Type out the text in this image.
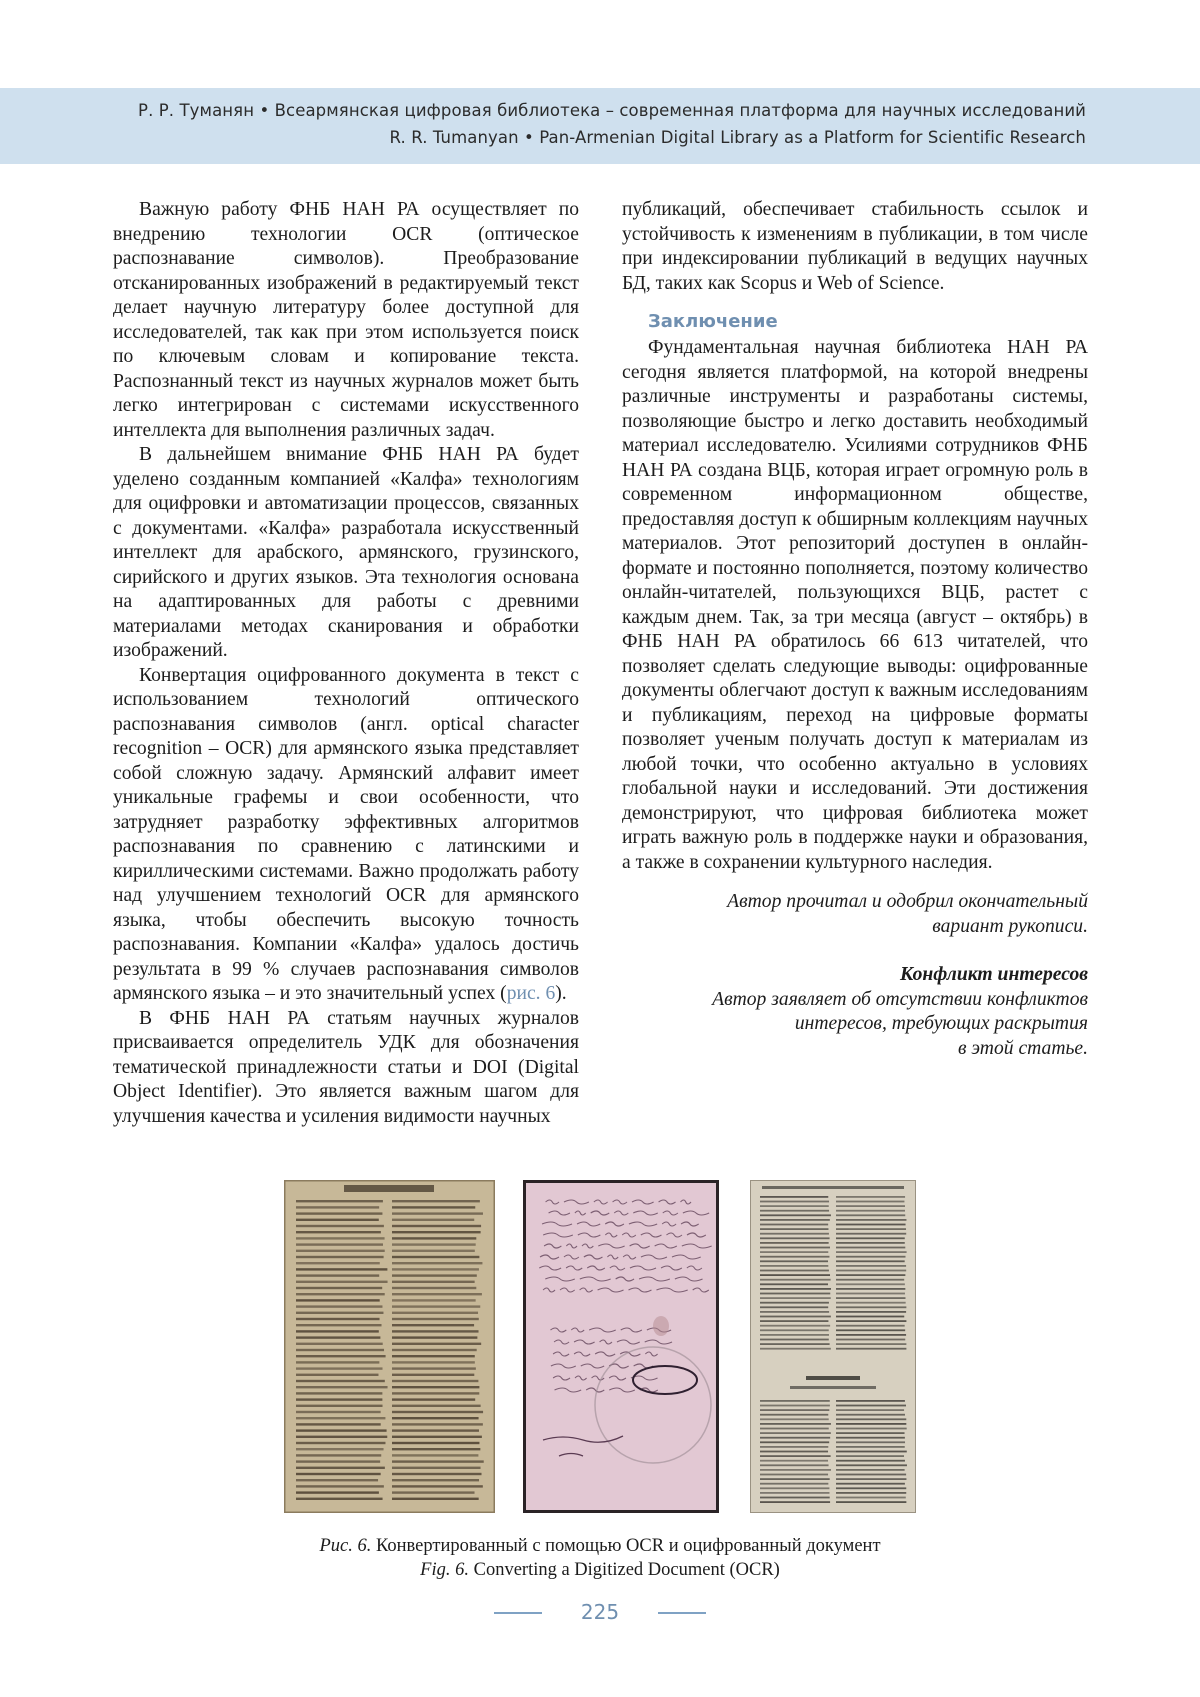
Р. Р. Туманян • Всеармянская цифровая библиотека – современная платформа для научных исследований
R. R. Tumanyan • Pan-Armenian Digital Library as a Platform for Scientific Research

Важную работу ФНБ НАН РА осуществляет по внедрению технологии OCR (оптическое распознавание символов). Преобразование отсканированных изображений в редактируемый текст делает научную литературу более доступной для исследователей, так как при этом используется поиск по ключевым словам и копирование текста. Распознанный текст из научных журналов может быть легко интегрирован с системами искусственного интеллекта для выполнения различных задач.

В дальнейшем внимание ФНБ НАН РА будет уделено созданным компанией «Калфа» технологиям для оцифровки и автоматизации процессов, связанных с документами. «Калфа» разработала искусственный интеллект для арабского, армянского, грузинского, сирийского и других языков. Эта технология основана на адаптированных для работы с древними материалами методах сканирования и обработки изображений.

Конвертация оцифрованного документа в текст с использованием технологий оптического распознавания символов (англ. optical character recognition – OCR) для армянского языка представляет собой сложную задачу. Армянский алфавит имеет уникальные графемы и свои особенности, что затрудняет разработку эффективных алгоритмов распознавания по сравнению с латинскими и кириллическими системами. Важно продолжать работу над улучшением технологий OCR для армянского языка, чтобы обеспечить высокую точность распознавания. Компании «Калфа» удалось достичь результата в 99 % случаев распознавания символов армянского языка – и это значительный успех (рис. 6).

В ФНБ НАН РА статьям научных журналов присваивается определитель УДК для обозначения тематической принадлежности статьи и DOI (Digital Object Identifier). Это является важным шагом для улучшения качества и усиления видимости научных

публикаций, обеспечивает стабильность ссылок и устойчивость к изменениям в публикации, в том числе при индексировании публикаций в ведущих научных БД, таких как Scopus и Web of Science.

Заключение

Фундаментальная научная библиотека НАН РА сегодня является платформой, на которой внедрены различные инструменты и разработаны системы, позволяющие быстро и легко доставить необходимый материал исследователю. Усилиями сотрудников ФНБ НАН РА создана ВЦБ, которая играет огромную роль в современном информационном обществе, предоставляя доступ к обширным коллекциям научных материалов. Этот репозиторий доступен в онлайн-формате и постоянно пополняется, поэтому количество онлайн-читателей, пользующихся ВЦБ, растет с каждым днем. Так, за три месяца (август – октябрь) в ФНБ НАН РА обратилось 66 613 читателей, что позволяет сделать следующие выводы: оцифрованные документы облегчают доступ к важным исследованиям и публикациям, переход на цифровые форматы позволяет ученым получать доступ к материалам из любой точки, что особенно актуально в условиях глобальной науки и исследований. Эти достижения демонстрируют, что цифровая библиотека может играть важную роль в поддержке науки и образования, а также в сохранении культурного наследия.

Автор прочитал и одобрил окончательный
вариант рукописи.
Конфликт интересов
Автор заявляет об отсутствии конфликтов
интересов, требующих раскрытия
в этой статье.
Рис. 6. Конвертированный с помощью OCR и оцифрованный документ
Fig. 6. Converting a Digitized Document (OCR)
225
